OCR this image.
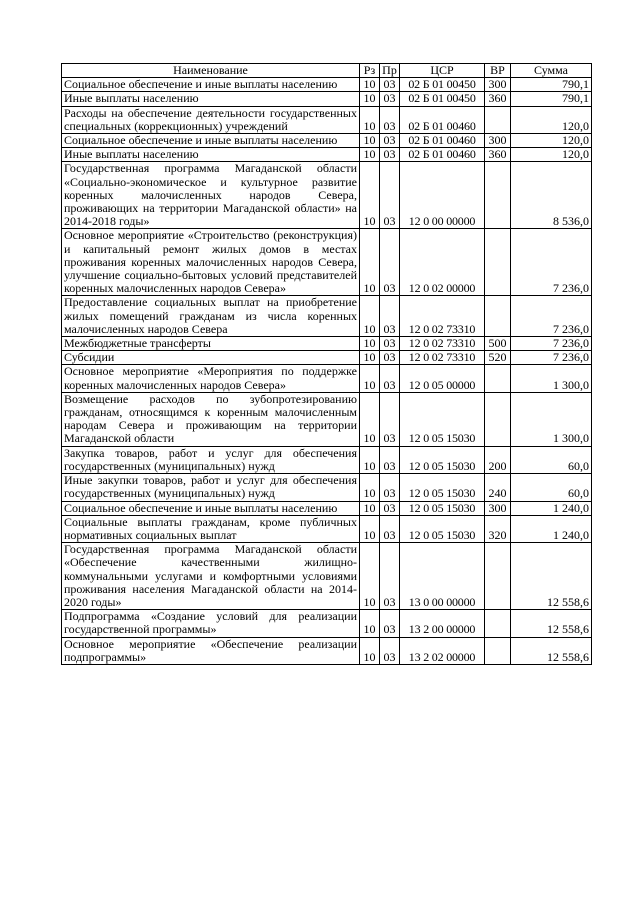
Наименование	Рз	Пр	ЦСР	ВР	Сумма
Социальное обеспечение и иные выплаты населению	10	03	02 Б 01 00450	300	790,1
Иные выплаты населению	10	03	02 Б 01 00450	360	790,1
Расходы на обеспечение деятельности государственных специальных (коррекционных) учреждений	10	03	02 Б 01 00460		120,0
Социальное обеспечение и иные выплаты населению	10	03	02 Б 01 00460	300	120,0
Иные выплаты населению	10	03	02 Б 01 00460	360	120,0
Государственная программа Магаданской области «Социально-экономическое и культурное развитие коренных малочисленных народов Севера, проживающих на территории Магаданской области» на 2014-2018 годы»	10	03	12 0 00 00000		8 536,0
Основное мероприятие «Строительство (реконструкция) и капитальный ремонт жилых домов в местах проживания коренных малочисленных народов Севера, улучшение социально-бытовых условий представителей коренных малочисленных народов Севера»	10	03	12 0 02 00000		7 236,0
Предоставление социальных выплат на приобретение жилых помещений гражданам из числа коренных малочисленных народов Севера	10	03	12 0 02 73310		7 236,0
Межбюджетные трансферты	10	03	12 0 02 73310	500	7 236,0
Субсидии	10	03	12 0 02 73310	520	7 236,0
Основное мероприятие «Мероприятия по поддержке коренных малочисленных народов Севера»	10	03	12 0 05 00000		1 300,0
Возмещение расходов по зубопротезированию гражданам, относящимся к коренным малочисленным народам Севера и проживающим на территории Магаданской области	10	03	12 0 05 15030		1 300,0
Закупка товаров, работ и услуг для обеспечения государственных (муниципальных) нужд	10	03	12 0 05 15030	200	60,0
Иные закупки товаров, работ и услуг для обеспечения государственных (муниципальных) нужд	10	03	12 0 05 15030	240	60,0
Социальное обеспечение и иные выплаты населению	10	03	12 0 05 15030	300	1 240,0
Социальные выплаты гражданам, кроме публичных нормативных социальных выплат	10	03	12 0 05 15030	320	1 240,0
Государственная программа Магаданской области «Обеспечение качественными жилищно-коммунальными услугами и комфортными условиями проживания населения Магаданской области на 2014-2020 годы»	10	03	13 0 00 00000		12 558,6
Подпрограмма «Создание условий для реализации государственной программы»	10	03	13 2 00 00000		12 558,6
Основное мероприятие «Обеспечение реализации подпрограммы»	10	03	13 2 02 00000		12 558,6
